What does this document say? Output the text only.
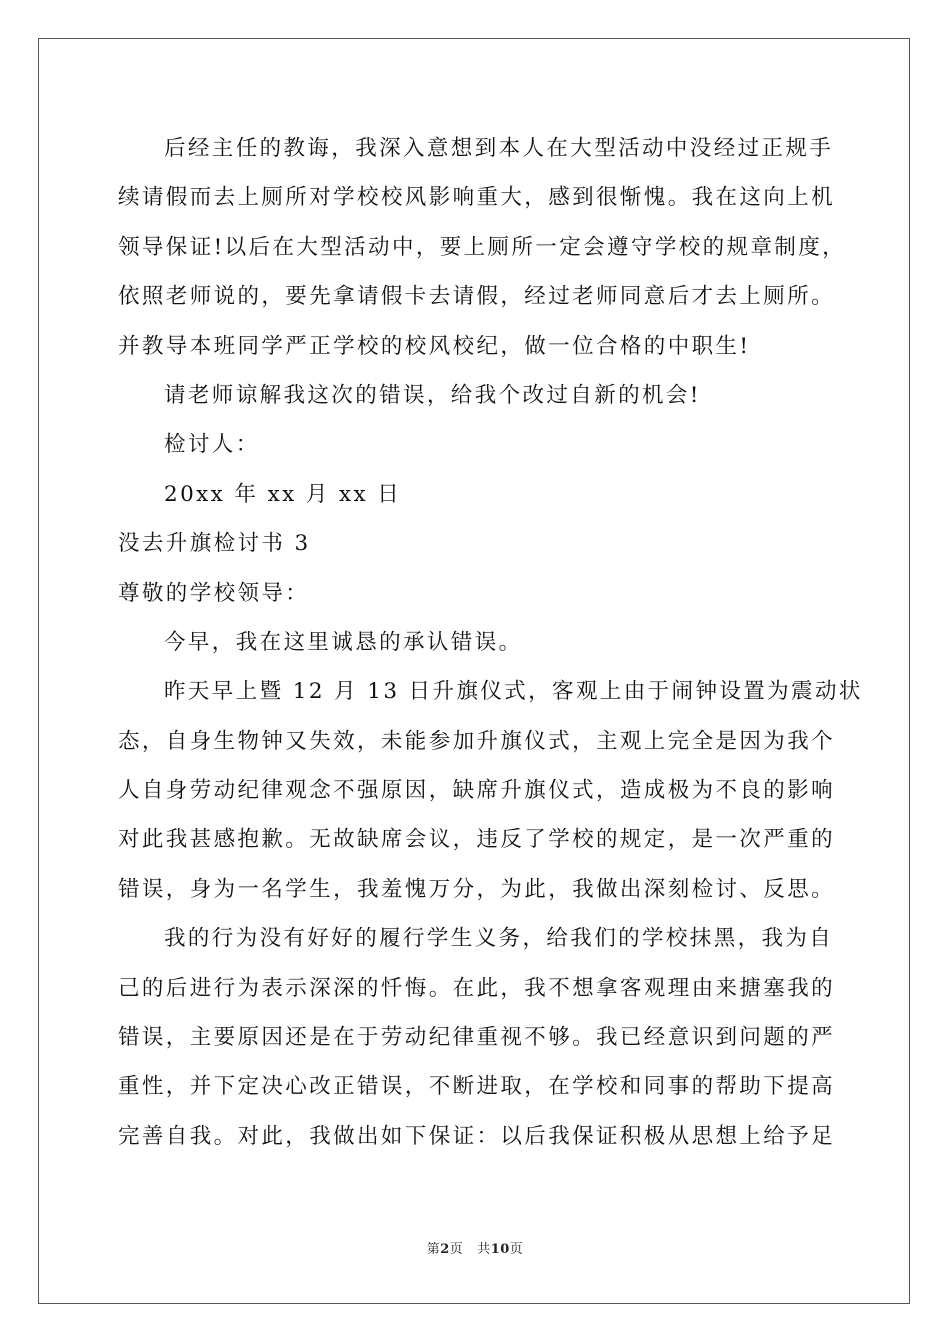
后经主任的教诲，我深入意想到本人在大型活动中没经过正规手
续请假而去上厕所对学校校风影响重大，感到很惭愧。我在这向上机
领导保证!以后在大型活动中，要上厕所一定会遵守学校的规章制度，
依照老师说的，要先拿请假卡去请假，经过老师同意后才去上厕所。
并教导本班同学严正学校的校风校纪，做一位合格的中职生!
请老师谅解我这次的错误，给我个改过自新的机会!
检讨人：
20xx 年 xx 月 xx 日
没去升旗检讨书 3
尊敬的学校领导：
今早，我在这里诚恳的承认错误。
昨天早上暨 12 月 13 日升旗仪式，客观上由于闹钟设置为震动状
态，自身生物钟又失效，未能参加升旗仪式，主观上完全是因为我个
人自身劳动纪律观念不强原因，缺席升旗仪式，造成极为不良的影响
对此我甚感抱歉。无故缺席会议，违反了学校的规定，是一次严重的
错误，身为一名学生，我羞愧万分，为此，我做出深刻检讨、反思。
我的行为没有好好的履行学生义务，给我们的学校抹黑，我为自
己的后进行为表示深深的忏悔。在此，我不想拿客观理由来搪塞我的
错误，主要原因还是在于劳动纪律重视不够。我已经意识到问题的严
重性，并下定决心改正错误，不断进取，在学校和同事的帮助下提高
完善自我。对此，我做出如下保证：以后我保证积极从思想上给予足
第2页 共10页
